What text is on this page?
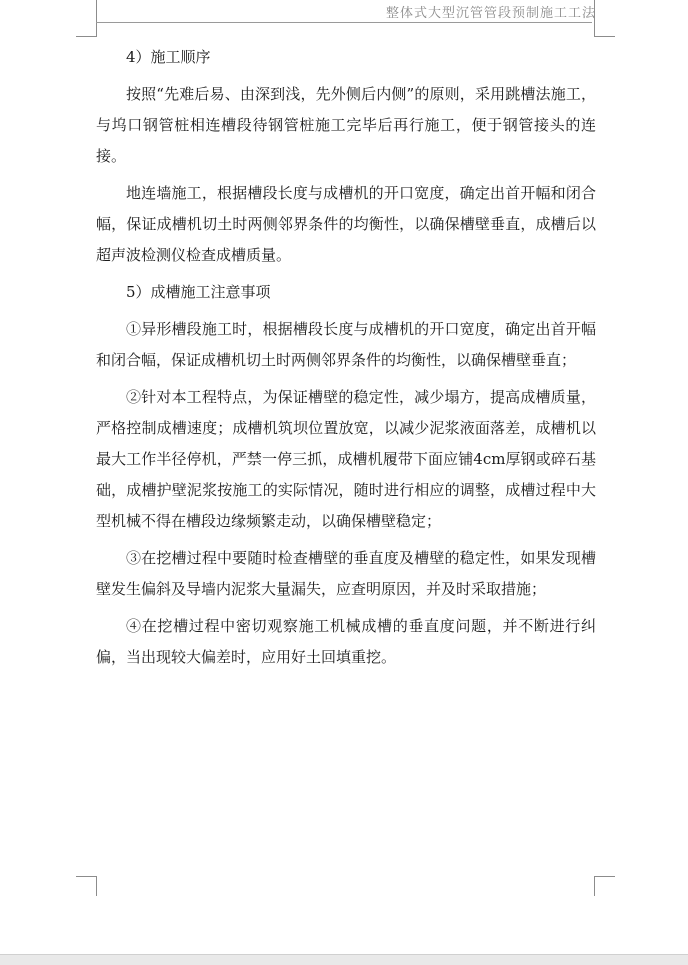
整体式大型沉管管段预制施工工法

4）施工顺序

按照“先难后易、由深到浅，先外侧后内侧”的原则，采用跳槽法施工，与坞口钢管桩相连槽段待钢管桩施工完毕后再行施工，便于钢管接头的连接。

地连墙施工，根据槽段长度与成槽机的开口宽度，确定出首开幅和闭合幅，保证成槽机切土时两侧邻界条件的均衡性，以确保槽壁垂直，成槽后以超声波检测仪检查成槽质量。

5）成槽施工注意事项

①异形槽段施工时，根据槽段长度与成槽机的开口宽度，确定出首开幅和闭合幅，保证成槽机切土时两侧邻界条件的均衡性，以确保槽壁垂直；

②针对本工程特点，为保证槽壁的稳定性，减少塌方，提高成槽质量，严格控制成槽速度；成槽机筑坝位置放宽，以减少泥浆液面落差，成槽机以最大工作半径停机，严禁一停三抓，成槽机履带下面应铺4cm厚钢或碎石基础，成槽护壁泥浆按施工的实际情况，随时进行相应的调整，成槽过程中大型机械不得在槽段边缘频繁走动，以确保槽壁稳定；

③在挖槽过程中要随时检查槽壁的垂直度及槽壁的稳定性，如果发现槽壁发生偏斜及导墙内泥浆大量漏失，应查明原因，并及时采取措施；

④在挖槽过程中密切观察施工机械成槽的垂直度问题，并不断进行纠偏，当出现较大偏差时，应用好土回填重挖。
